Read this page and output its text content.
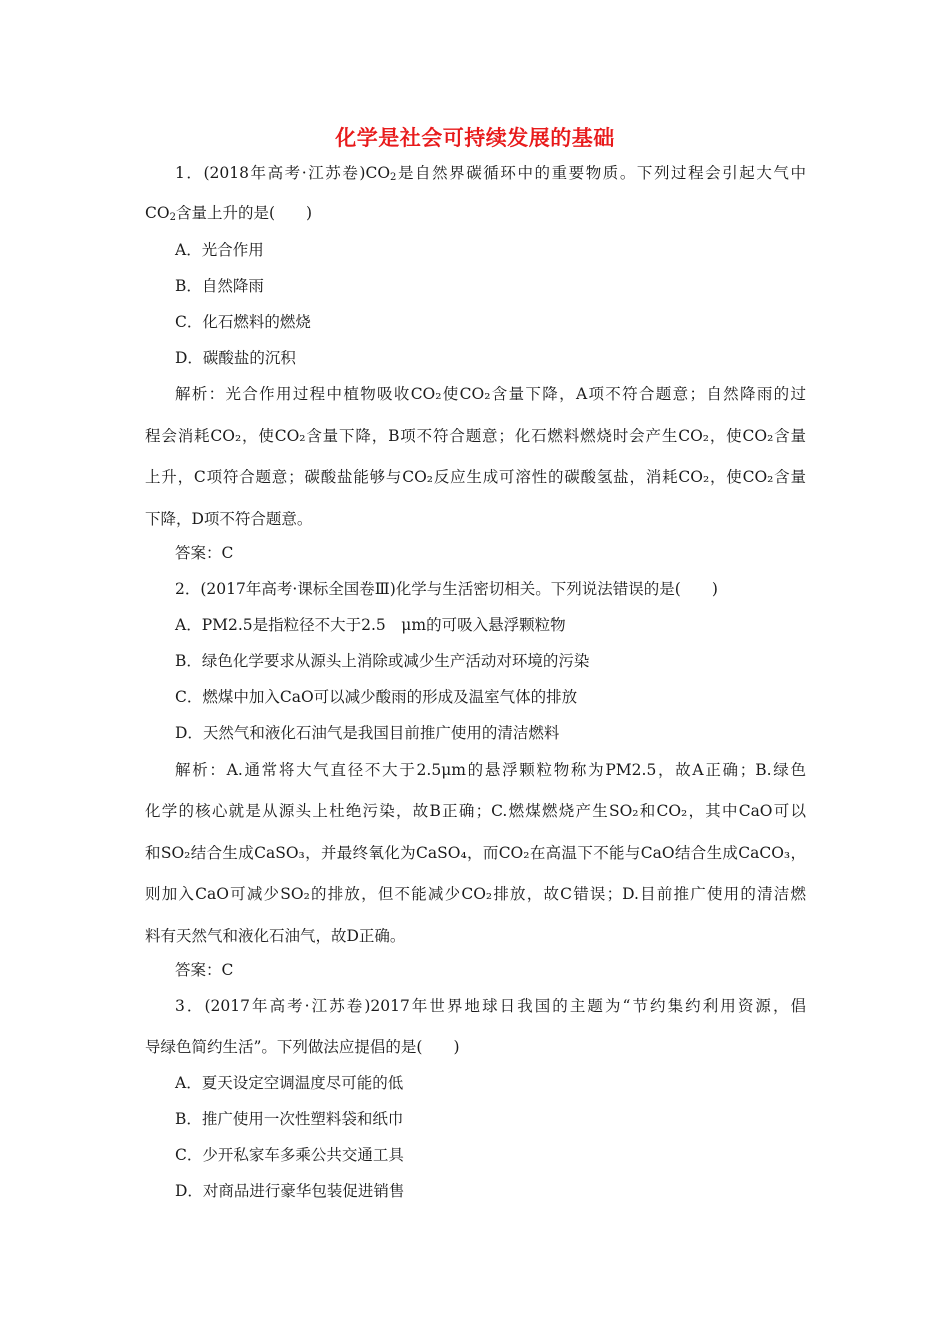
化学是社会可持续发展的基础
1．(2018年高考·江苏卷)$CO_2$是自然界碳循环中的重要物质。下列过程会引起大气中
$CO_2$含量上升的是(　　)
A．光合作用
B．自然降雨
C．化石燃料的燃烧
D．碳酸盐的沉积
解析：光合作用过程中植物吸收CO₂使CO₂含量下降，A项不符合题意；自然降雨的过
程会消耗CO₂，使CO₂含量下降，B项不符合题意；化石燃料燃烧时会产生CO₂，使CO₂含量
上升，C项符合题意；碳酸盐能够与CO₂反应生成可溶性的碳酸氢盐，消耗CO₂，使CO₂含量
下降，D项不符合题意。
答案：C
2．(2017年高考·课标全国卷Ⅲ)化学与生活密切相关。下列说法错误的是(　　)
A．PM2.5是指粒径不大于2.5　μm的可吸入悬浮颗粒物
B．绿色化学要求从源头上消除或减少生产活动对环境的污染
C．燃煤中加入CaO可以减少酸雨的形成及温室气体的排放
D．天然气和液化石油气是我国目前推广使用的清洁燃料
解析：A.通常将大气直径不大于2.5μm的悬浮颗粒物称为PM2.5，故A正确；B.绿色
化学的核心就是从源头上杜绝污染，故B正确；C.燃煤燃烧产生SO₂和CO₂，其中CaO可以
和SO₂结合生成CaSO₃，并最终氧化为CaSO₄，而CO₂在高温下不能与CaO结合生成CaCO₃，
则加入CaO可减少SO₂的排放，但不能减少CO₂排放，故C错误；D.目前推广使用的清洁燃
料有天然气和液化石油气，故D正确。
答案：C
3．(2017年高考·江苏卷)2017年世界地球日我国的主题为“节约集约利用资源，倡
导绿色简约生活”。下列做法应提倡的是(　　)
A．夏天设定空调温度尽可能的低
B．推广使用一次性塑料袋和纸巾
C．少开私家车多乘公共交通工具
D．对商品进行豪华包装促进销售
